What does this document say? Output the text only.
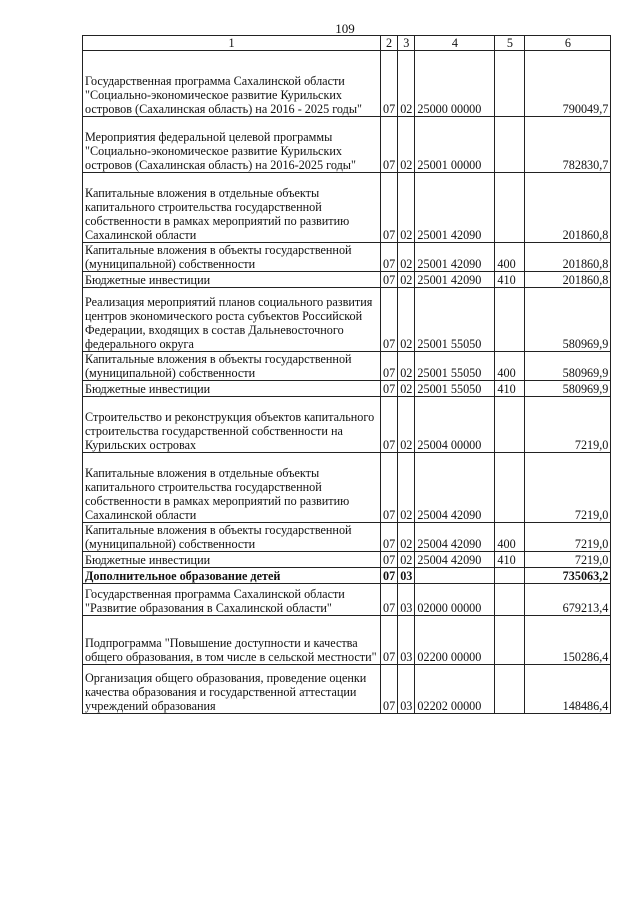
109
1	2	3	4	5	6
Государственная программа Сахалинской области "Социально-экономическое развитие Курильских островов (Сахалинская область) на 2016 - 2025 годы"	07	02	25000 00000		790049,7
Мероприятия федеральной целевой программы "Социально-экономическое развитие Курильских островов (Сахалинская область) на 2016-2025 годы"	07	02	25001 00000		782830,7
Капитальные вложения в отдельные объекты капитального строительства государственной собственности в рамках мероприятий по развитию Сахалинской области	07	02	25001 42090		201860,8
Капитальные вложения в объекты государственной (муниципальной) собственности	07	02	25001 42090	400	201860,8
Бюджетные инвестиции	07	02	25001 42090	410	201860,8
Реализация мероприятий планов социального развития центров экономического роста субъектов Российской Федерации, входящих в состав Дальневосточного федерального округа	07	02	25001 55050		580969,9
Капитальные вложения в объекты государственной (муниципальной) собственности	07	02	25001 55050	400	580969,9
Бюджетные инвестиции	07	02	25001 55050	410	580969,9
Строительство и реконструкция объектов капитального строительства государственной собственности на Курильских островах	07	02	25004 00000		7219,0
Капитальные вложения в отдельные объекты капитального строительства государственной собственности в рамках мероприятий по развитию Сахалинской области	07	02	25004 42090		7219,0
Капитальные вложения в объекты государственной (муниципальной) собственности	07	02	25004 42090	400	7219,0
Бюджетные инвестиции	07	02	25004 42090	410	7219,0
Дополнительное образование детей	07	03			735063,2
Государственная программа Сахалинской области "Развитие образования в Сахалинской области"	07	03	02000 00000		679213,4
Подпрограмма "Повышение доступности и качества общего образования, в том числе в сельской местности"	07	03	02200 00000		150286,4
Организация общего образования, проведение оценки качества образования и государственной аттестации учреждений образования	07	03	02202 00000		148486,4
